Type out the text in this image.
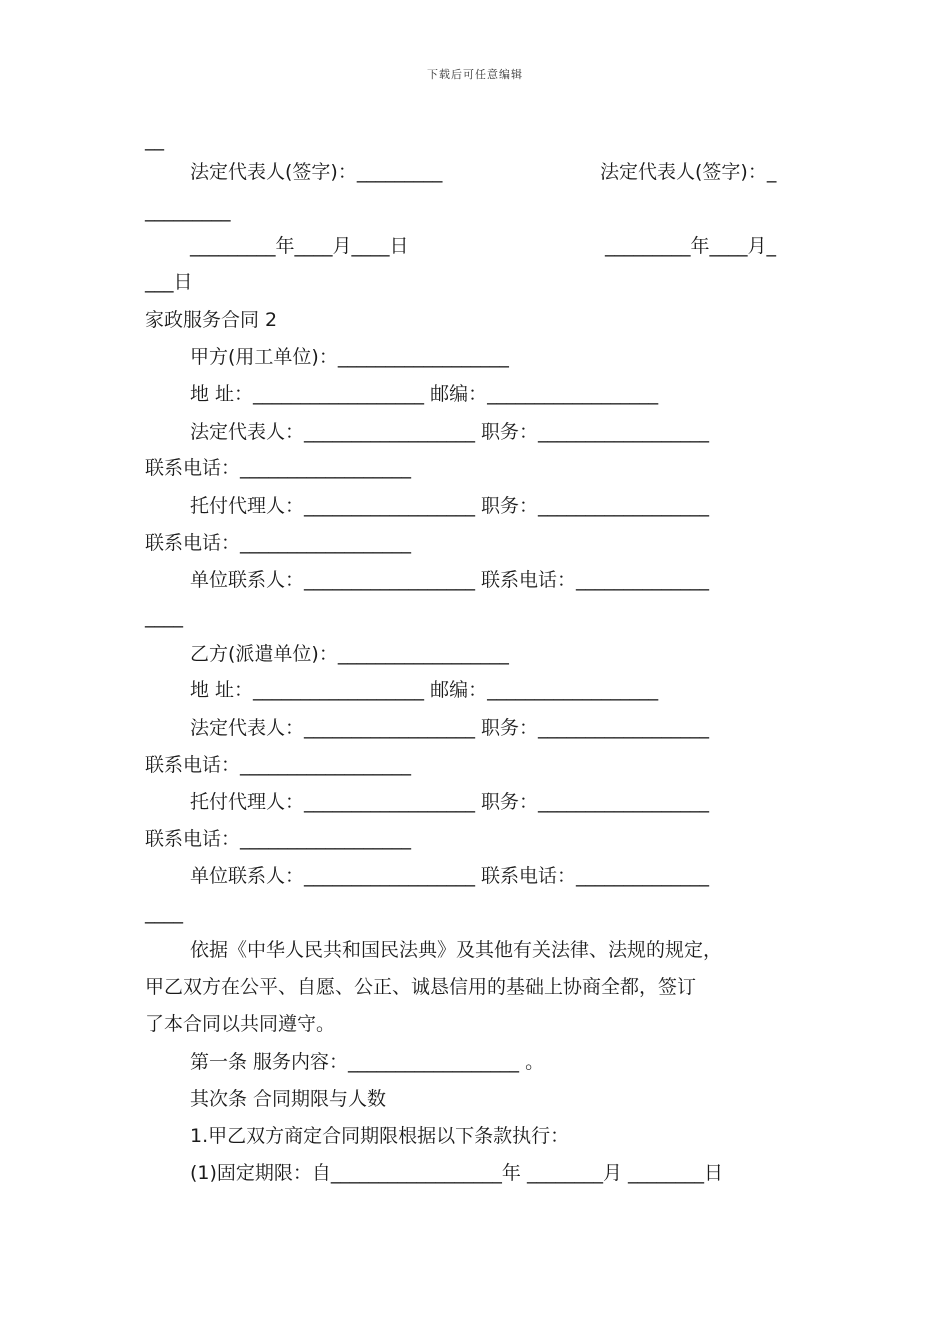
下载后可任意编辑
__
法定代表人(签字)：_________	法定代表人(签字)：_
_________
_________年____月____日	_________年____月_
___日
家政服务合同 2
甲方(用工单位)：__________________
地 址：__________________ 邮编：__________________
法定代表人：__________________ 职务：__________________
联系电话：__________________
托付代理人：__________________ 职务：__________________
联系电话：__________________
单位联系人：__________________ 联系电话：______________
____
乙方(派遣单位)：__________________
地 址：__________________ 邮编：__________________
法定代表人：__________________ 职务：__________________
联系电话：__________________
托付代理人：__________________ 职务：__________________
联系电话：__________________
单位联系人：__________________ 联系电话：______________
____
依据《中华人民共和国民法典》及其他有关法律、法规的规定，
甲乙双方在公平、自愿、公正、诚恳信用的基础上协商全都，签订
了本合同以共同遵守。
第一条 服务内容：__________________ 。
其次条 合同期限与人数
1.甲乙双方商定合同期限根据以下条款执行：
(1)固定期限：自__________________年 ________月 ________日
